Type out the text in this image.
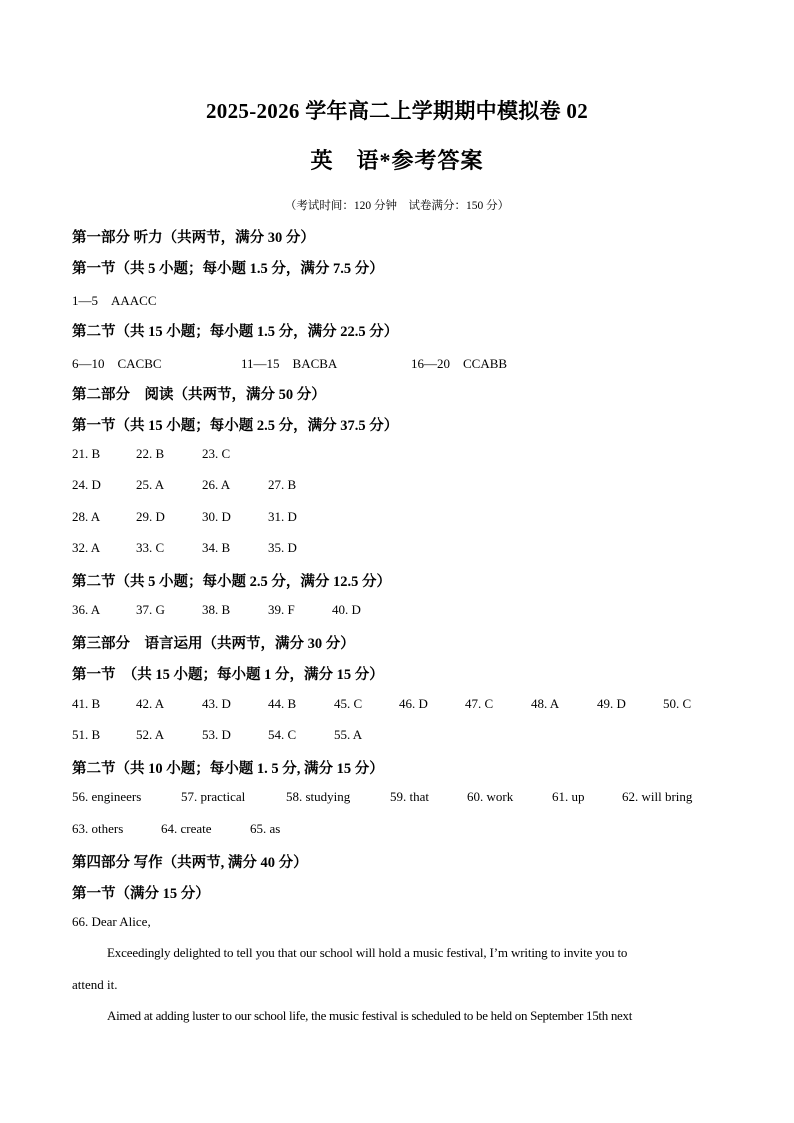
2025-2026 学年高二上学期期中模拟卷 02
英　语*参考答案
（考试时间：120 分钟　试卷满分：150 分）
第一部分 听力（共两节，满分 30 分）
第一节（共 5 小题；每小题 1.5 分，满分 7.5 分）
1—5　AAACC
第二节（共 15 小题；每小题 1.5 分，满分 22.5 分）
6—10　CACBC	11—15　BACBA	16—20　CCABB
第二部分　阅读（共两节，满分 50 分）
第一节（共 15 小题；每小题 2.5 分，满分 37.5 分）
21. B	22. B	23. C
24. D	25. A	26. A	27. B
28. A	29. D	30. D	31. D
32. A	33. C	34. B	35. D
第二节（共 5 小题；每小题 2.5 分，满分 12.5 分）
36. A	37. G	38. B	39. F	40. D
第三部分　语言运用（共两节，满分 30 分）
第一节　（共 15 小题；每小题 1 分，满分 15 分）
41. B	42. A	43. D	44. B	45. C	46. D	47. C	48. A	49. D	50. C
51. B	52. A	53. D	54. C	55. A
第二节（共 10 小题；每小题 1. 5 分, 满分 15 分）
56. engineers	57. practical	58. studying	59. that	60. work	61. up	62. will bring
63. others	64. create	65. as
第四部分 写作（共两节, 满分 40 分）
第一节（满分 15 分）
66. Dear Alice,
Exceedingly delighted to tell you that our school will hold a music festival, I’m writing to invite you to
attend it.
Aimed at adding luster to our school life, the music festival is scheduled to be held on September 15th next
